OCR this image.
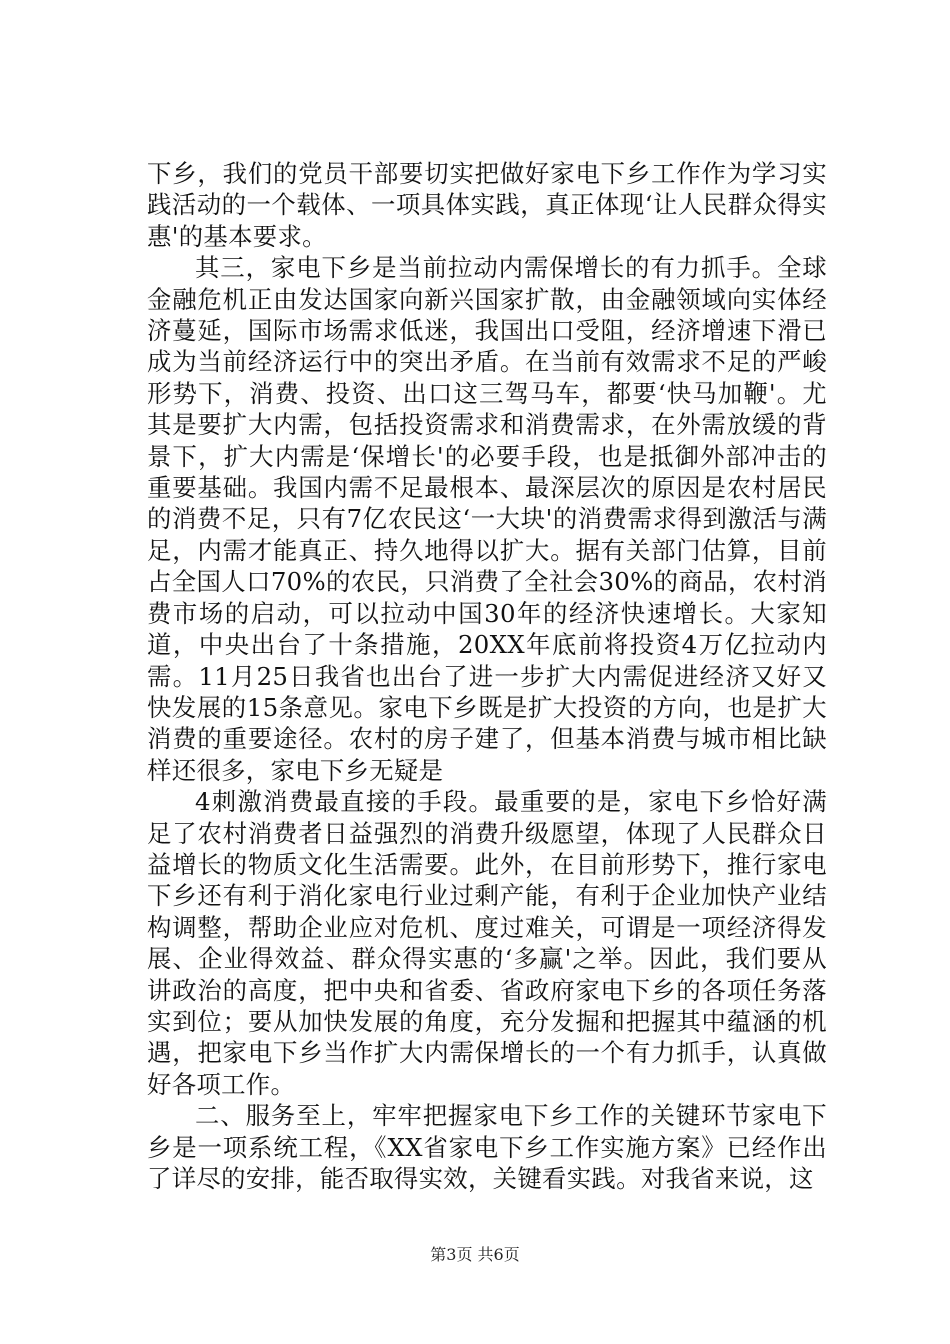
下乡，我们的党员干部要切实把做好家电下乡工作作为学习实践活动的一个载体、一项具体实践，真正体现‘让人民群众得实惠'的基本要求。

其三，家电下乡是当前拉动内需保增长的有力抓手。全球金融危机正由发达国家向新兴国家扩散，由金融领域向实体经济蔓延，国际市场需求低迷，我国出口受阻，经济增速下滑已成为当前经济运行中的突出矛盾。在当前有效需求不足的严峻形势下，消费、投资、出口这三驾马车，都要‘快马加鞭'。尤其是要扩大内需，包括投资需求和消费需求，在外需放缓的背景下，扩大内需是‘保增长'的必要手段，也是抵御外部冲击的重要基础。我国内需不足最根本、最深层次的原因是农村居民的消费不足，只有7亿农民这‘一大块'的消费需求得到激活与满足，内需才能真正、持久地得以扩大。据有关部门估算，目前占全国人口70%的农民，只消费了全社会30%的商品，农村消费市场的启动，可以拉动中国30年的经济快速增长。大家知道，中央出台了十条措施，20XX年底前将投资4万亿拉动内需。11月25日我省也出台了进一步扩大内需促进经济又好又快发展的15条意见。家电下乡既是扩大投资的方向，也是扩大消费的重要途径。农村的房子建了，但基本消费与城市相比缺样还很多，家电下乡无疑是

4刺激消费最直接的手段。最重要的是，家电下乡恰好满足了农村消费者日益强烈的消费升级愿望，体现了人民群众日益增长的物质文化生活需要。此外，在目前形势下，推行家电下乡还有利于消化家电行业过剩产能，有利于企业加快产业结构调整，帮助企业应对危机、度过难关，可谓是一项经济得发展、企业得效益、群众得实惠的‘多赢'之举。因此，我们要从讲政治的高度，把中央和省委、省政府家电下乡的各项任务落实到位；要从加快发展的角度，充分发掘和把握其中蕴涵的机遇，把家电下乡当作扩大内需保增长的一个有力抓手，认真做好各项工作。

二、服务至上，牢牢把握家电下乡工作的关键环节家电下乡是一项系统工程，《XX省家电下乡工作实施方案》已经作出了详尽的安排，能否取得实效，关键看实践。对我省来说，这

第3页 共6页
